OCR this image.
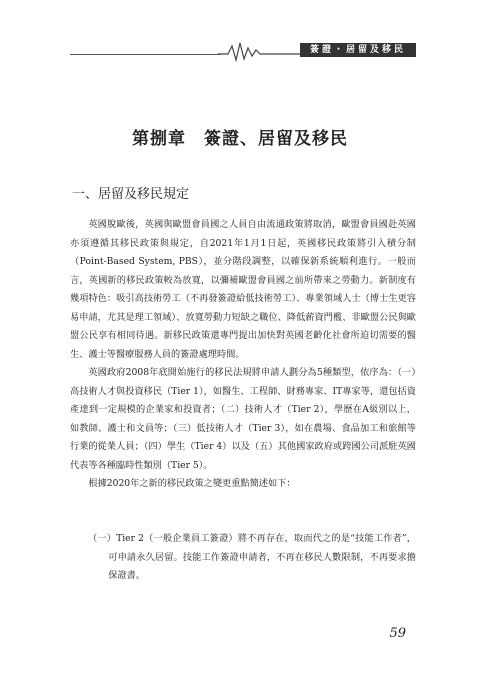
簽證・居留及移民
第捌章　簽證、居留及移民
一、居留及移民規定

英國脫歐後，英國與歐盟會員國之人員自由流通政策將取消，歐盟會員國赴英國亦須遵循其移民政策與規定，自2021年1月1日起，英國移民政策將引入積分制（Point-Based System, PBS），並分階段調整，以確保新系統順利進行。一般而言，英國新的移民政策較為放寬，以彌補歐盟會員國之前所帶來之勞動力。新制度有幾項特色：吸引高技術勞工（不再發簽證給低技術勞工）、專業領域人士（博士生更容易申請，尤其是理工領域）、放寬勞動力短缺之職位、降低薪資門檻、非歐盟公民與歐盟公民享有相同待遇。新移民政策還專門提出加快對英國老齡化社會所迫切需要的醫生、護士等醫療服務人員的簽證處理時間。

英國政府2008年底開始施行的移民法規將申請人劃分為5種類型，依序為：（一）高技術人才與投資移民（Tier 1），如醫生、工程師、財務專家、IT專家等，還包括資產達到一定規模的企業家和投資者；（二）技術人才（Tier 2），學歷在A級別以上，如教師、護士和文員等；（三）低技術人才（Tier 3），如在農場、食品加工和旅館等行業的從業人員；（四）學生（Tier 4）以及（五）其他國家政府或跨國公司派駐英國代表等各種臨時性類別（Tier 5）。

根據2020年之新的移民政策之變更重點簡述如下：

（一）Tier 2（一般企業員工簽證）將不再存在，取而代之的是“技能工作者”，可申請永久居留。技能工作簽證申請者，不再在移民人數限制，不再要求擔保證書。
59
